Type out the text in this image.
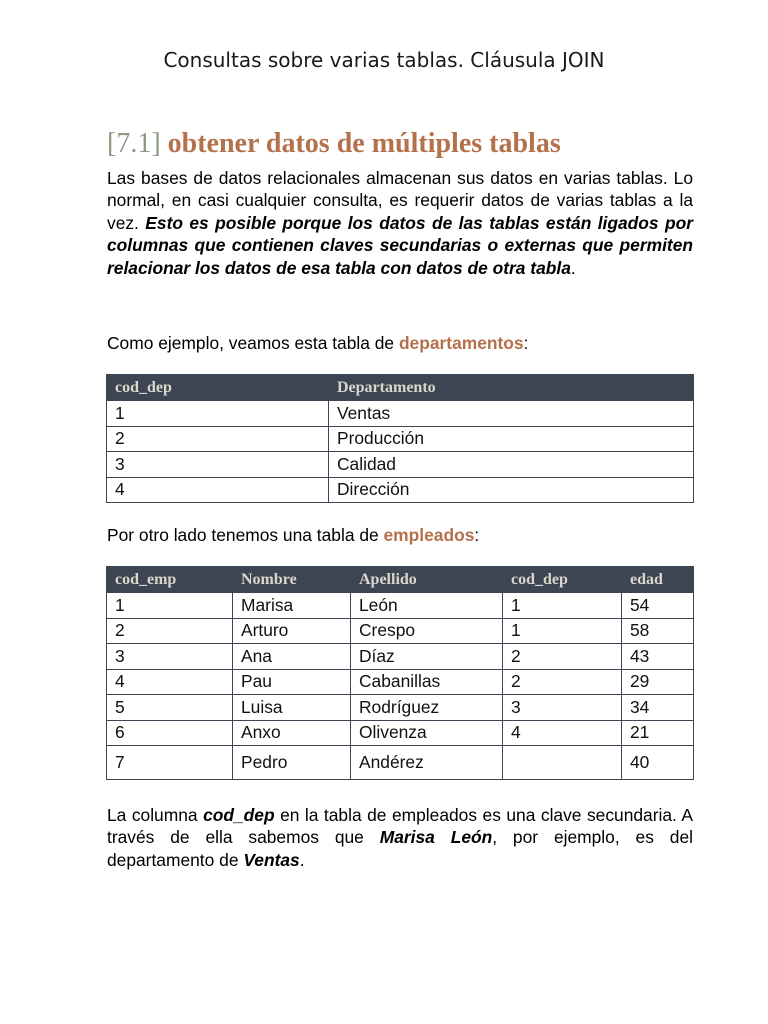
Consultas sobre varias tablas. Cláusula JOIN
[7.1] obtener datos de múltiples tablas

Las bases de datos relacionales almacenan sus datos en varias tablas. Lo normal, en casi cualquier consulta, es requerir datos de varias tablas a la vez. Esto es posible porque los datos de las tablas están ligados por columnas que contienen claves secundarias o externas que permiten relacionar los datos de esa tabla con datos de otra tabla.

Como ejemplo, veamos esta tabla de departamentos:

cod_dep	Departamento
1	Ventas
2	Producción
3	Calidad
4	Dirección

Por otro lado tenemos una tabla de empleados:

cod_emp	Nombre	Apellido	cod_dep	edad
1	Marisa	León	1	54
2	Arturo	Crespo	1	58
3	Ana	Díaz	2	43
4	Pau	Cabanillas	2	29
5	Luisa	Rodríguez	3	34
6	Anxo	Olivenza	4	21
7	Pedro	Andérez		40

La columna cod_dep en la tabla de empleados es una clave secundaria. A través de ella sabemos que Marisa León, por ejemplo, es del departamento de Ventas.
